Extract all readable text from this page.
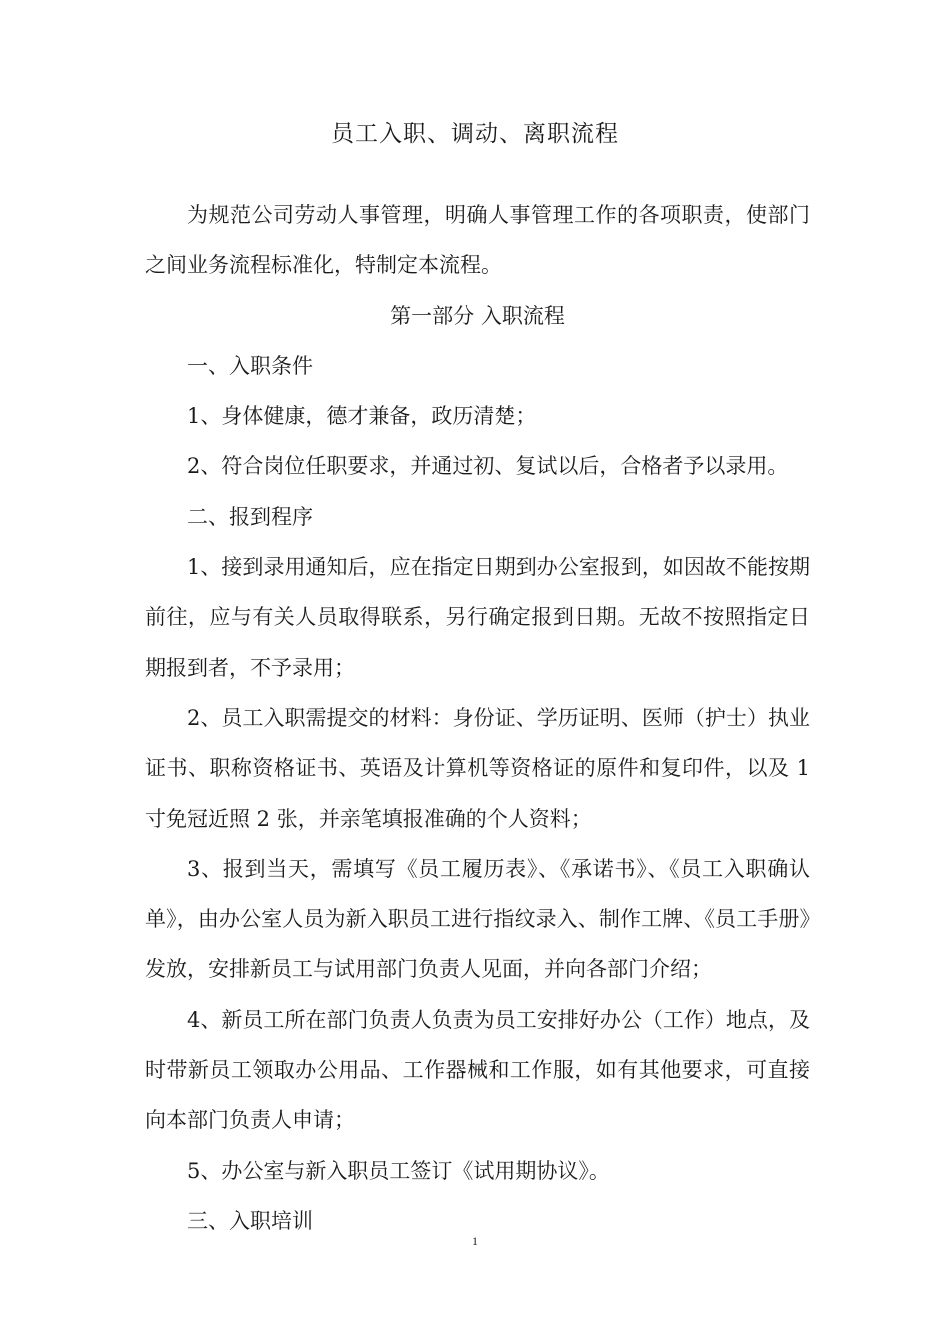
员工入职、调动、离职流程

为规范公司劳动人事管理，明确人事管理工作的各项职责，使部门之间业务流程标准化，特制定本流程。

第一部分 入职流程

一、入职条件

1、身体健康，德才兼备，政历清楚；

2、符合岗位任职要求，并通过初、复试以后，合格者予以录用。

二、报到程序

1、接到录用通知后，应在指定日期到办公室报到，如因故不能按期前往，应与有关人员取得联系，另行确定报到日期。无故不按照指定日期报到者，不予录用；

2、员工入职需提交的材料：身份证、学历证明、医师（护士）执业证书、职称资格证书、英语及计算机等资格证的原件和复印件，以及 1 寸免冠近照 2 张，并亲笔填报准确的个人资料；

3、报到当天，需填写《员工履历表》、《承诺书》、《员工入职确认单》，由办公室人员为新入职员工进行指纹录入、制作工牌、《员工手册》发放，安排新员工与试用部门负责人见面，并向各部门介绍；

4、新员工所在部门负责人负责为员工安排好办公（工作）地点，及时带新员工领取办公用品、工作器械和工作服，如有其他要求，可直接向本部门负责人申请；

5、办公室与新入职员工签订《试用期协议》。

三、入职培训

1
